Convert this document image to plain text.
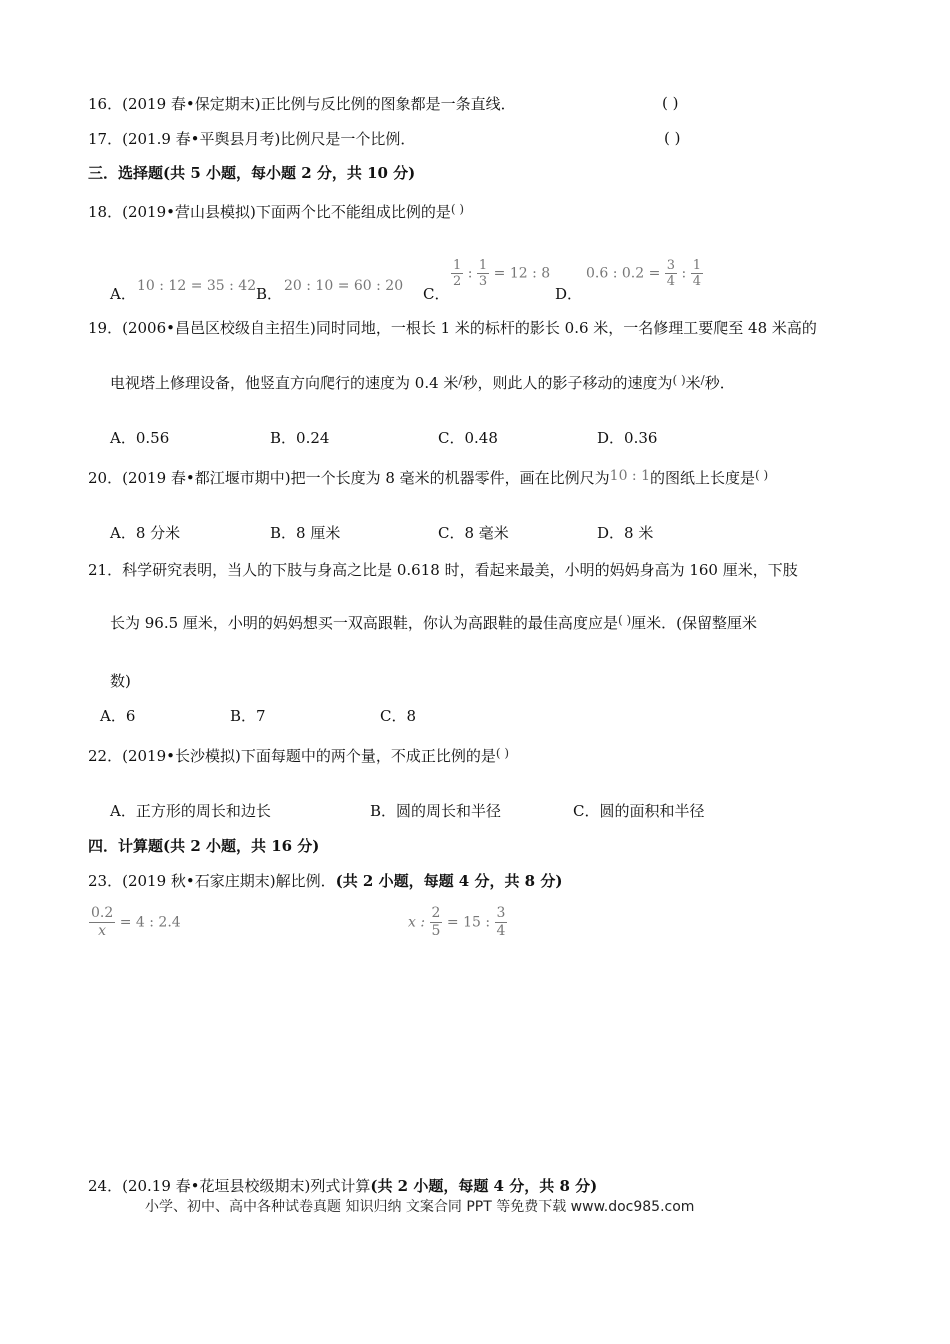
16．(2019 春•保定期末)正比例与反比例的图象都是一条直线．	( )
17．(201.9 春•平舆县月考)比例尺是一个比例．	( )
三．选择题(共 5 小题，每小题 2 分，共 10 分)
18．(2019•营山县模拟)下面两个比不能组成比例的是( )
A． 10 : 12 = 35 : 42 B． 20 : 10 = 60 : 20 C．
$\frac{1}{2}$ : $\frac{1}{3} = 12$ : 8
D．
0.6 : $0.2 = \frac{3}{4}$ : $\frac{1}{4}$
19．(2006•昌邑区校级自主招生)同时同地，一根长 1 米的标杆的影长 0.6 米，一名修理工要爬至 48 米高的
电视塔上修理设备，他竖直方向爬行的速度为 0.4 米/秒，则此人的影子移动的速度为( )米/秒．
A．0.56	B．0.24	C．0.48	D．0.36
20．(2019 春•都江堰市期中)把一个长度为 8 毫米的机器零件，画在比例尺为10 : 1的图纸上长度是( )
A．8 分米	B．8 厘米	C．8 毫米	D．8 米
21．科学研究表明，当人的下肢与身高之比是 0.618 时，看起来最美，小明的妈妈身高为 160 厘米，下肢
长为 96.5 厘米，小明的妈妈想买一双高跟鞋，你认为高跟鞋的最佳高度应是( )厘米．(保留整厘米
数)
A．6	B．7	C．8
22．(2019•长沙模拟)下面每题中的两个量，不成正比例的是( )
A．正方形的周长和边长	B．圆的周长和半径	C．圆的面积和半径
四．计算题(共 2 小题，共 16 分)
23．(2019 秋•石家庄期末)解比例．(共 2 小题，每题 4 分，共 8 分)
$\frac{0.2}{x} = 4$ : 2.4	x : $\frac{2}{5} = 15$ : $\frac{3}{4}$
24．(20.19 春•花垣县校级期末)列式计算(共 2 小题，每题 4 分，共 8 分)
小学、初中、高中各种试卷真题 知识归纳 文案合同 PPT 等免费下载 www.doc985.com
